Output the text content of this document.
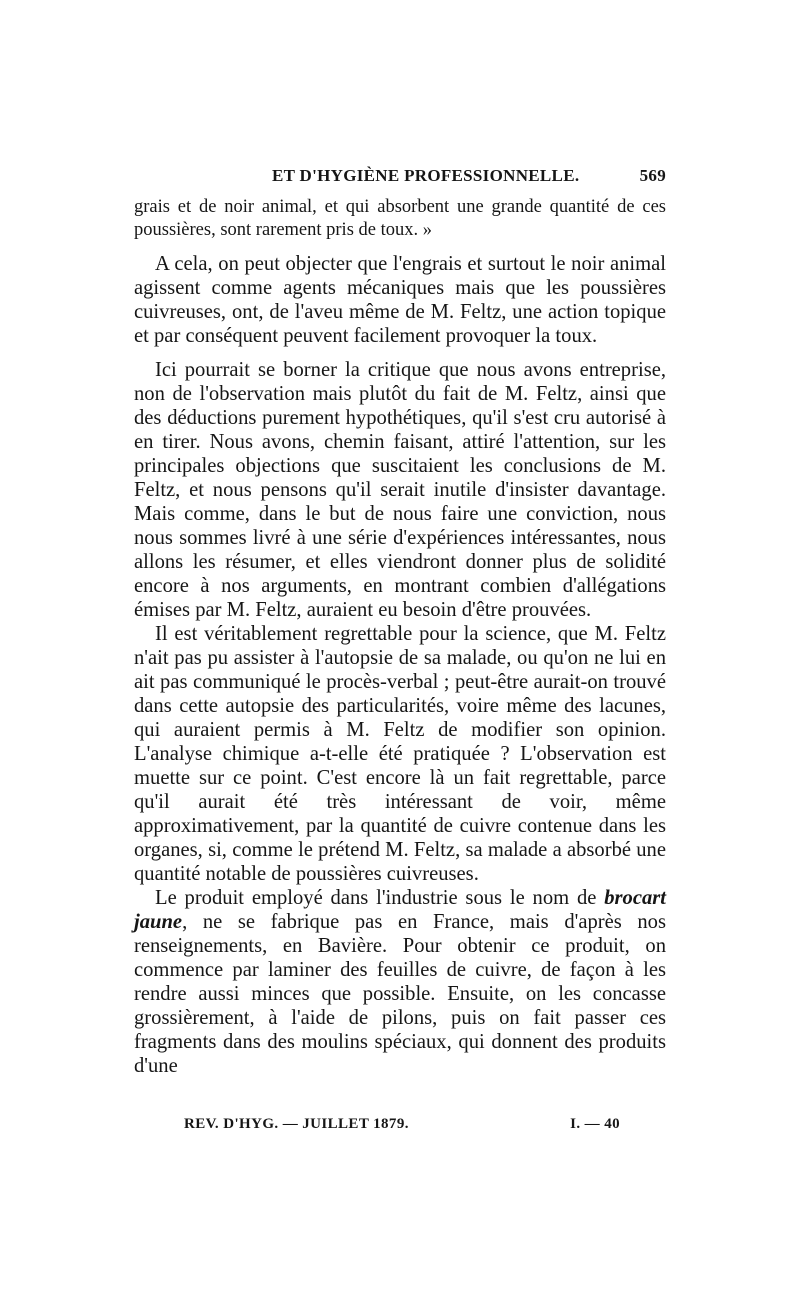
ET D'HYGIÈNE PROFESSIONNELLE.	569

grais et de noir animal, et qui absorbent une grande quantité de ces poussières, sont rarement pris de toux. »

A cela, on peut objecter que l'engrais et surtout le noir animal agissent comme agents mécaniques mais que les poussières cuivreuses, ont, de l'aveu même de M. Feltz, une action topique et par conséquent peuvent facilement provoquer la toux.

Ici pourrait se borner la critique que nous avons entreprise, non de l'observation mais plutôt du fait de M. Feltz, ainsi que des déductions purement hypothétiques, qu'il s'est cru autorisé à en tirer. Nous avons, chemin faisant, attiré l'attention, sur les principales objections que suscitaient les conclusions de M. Feltz, et nous pensons qu'il serait inutile d'insister davantage. Mais comme, dans le but de nous faire une conviction, nous nous sommes livré à une série d'expériences intéressantes, nous allons les résumer, et elles viendront donner plus de solidité encore à nos arguments, en montrant combien d'allégations émises par M. Feltz, auraient eu besoin d'être prouvées.

Il est véritablement regrettable pour la science, que M. Feltz n'ait pas pu assister à l'autopsie de sa malade, ou qu'on ne lui en ait pas communiqué le procès-verbal ; peut-être aurait-on trouvé dans cette autopsie des particularités, voire même des lacunes, qui auraient permis à M. Feltz de modifier son opinion. L'analyse chimique a-t-elle été pratiquée ? L'observation est muette sur ce point. C'est encore là un fait regrettable, parce qu'il aurait été très intéressant de voir, même approximativement, par la quantité de cuivre contenue dans les organes, si, comme le prétend M. Feltz, sa malade a absorbé une quantité notable de poussières cuivreuses.

Le produit employé dans l'industrie sous le nom de brocart jaune, ne se fabrique pas en France, mais d'après nos renseignements, en Bavière. Pour obtenir ce produit, on commence par laminer des feuilles de cuivre, de façon à les rendre aussi minces que possible. Ensuite, on les concasse grossièrement, à l'aide de pilons, puis on fait passer ces fragments dans des moulins spéciaux, qui donnent des produits d'une

REV. D'HYG. — JUILLET 1879.	I. — 40
